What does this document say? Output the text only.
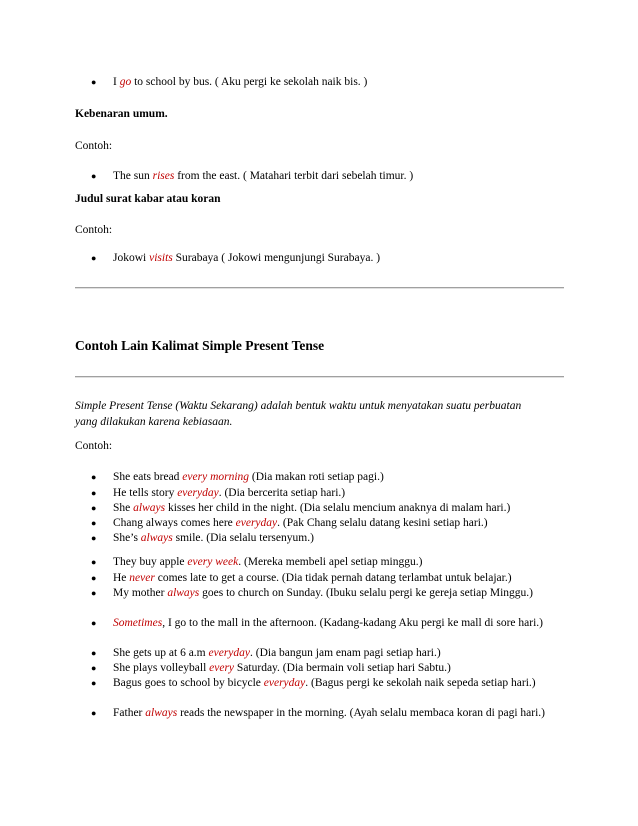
● I go to school by bus. ( Aku pergi ke sekolah naik bis. )
Kebenaran umum.
Contoh:
● The sun rises from the east. ( Matahari terbit dari sebelah timur. )
Judul surat kabar atau koran
Contoh:
● Jokowi visits Surabaya ( Jokowi mengunjungi Surabaya. )
Contoh Lain Kalimat Simple Present Tense
Simple Present Tense (Waktu Sekarang) adalah bentuk waktu untuk menyatakan suatu perbuatan yang dilakukan karena kebiasaan.
Contoh:
● She eats bread every morning (Dia makan roti setiap pagi.)
● He tells story everyday. (Dia bercerita setiap hari.)
● She always kisses her child in the night. (Dia selalu mencium anaknya di malam hari.)
● Chang always comes here everyday. (Pak Chang selalu datang kesini setiap hari.)
● She’s always smile. (Dia selalu tersenyum.)
● They buy apple every week. (Mereka membeli apel setiap minggu.)
● He never comes late to get a course. (Dia tidak pernah datang terlambat untuk belajar.)
● My mother always goes to church on Sunday. (Ibuku selalu pergi ke gereja setiap Minggu.)
● Sometimes, I go to the mall in the afternoon. (Kadang-kadang Aku pergi ke mall di sore hari.)
● She gets up at 6 a.m everyday. (Dia bangun jam enam pagi setiap hari.)
● She plays volleyball every Saturday. (Dia bermain voli setiap hari Sabtu.)
● Bagus goes to school by bicycle everyday. (Bagus pergi ke sekolah naik sepeda setiap hari.)
● Father always reads the newspaper in the morning. (Ayah selalu membaca koran di pagi hari.)
